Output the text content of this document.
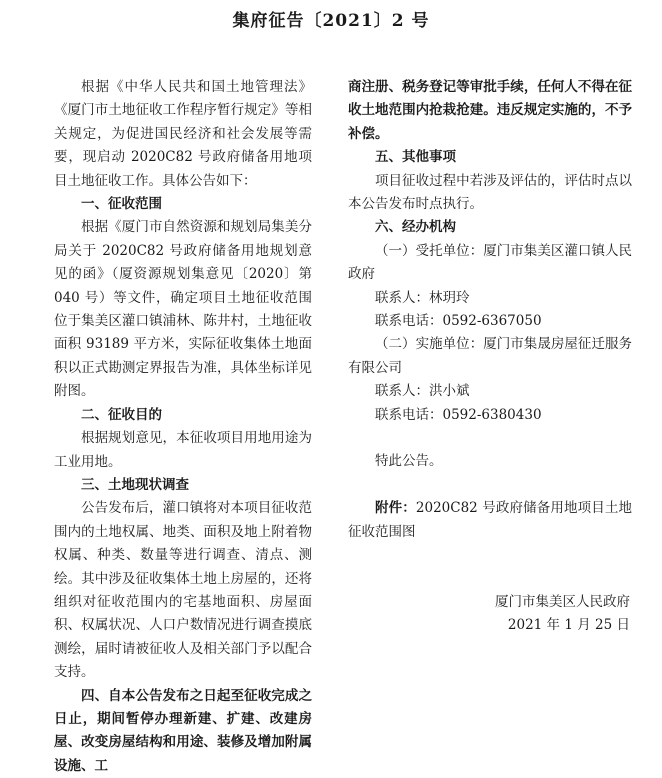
集府征告〔2021〕2 号

根据《中华人民共和国土地管理法》《厦门市土地征收工作程序暂行规定》等相关规定，为促进国民经济和社会发展等需要，现启动 2020C82 号政府储备用地项目土地征收工作。具体公告如下：

一、征收范围

根据《厦门市自然资源和规划局集美分局关于 2020C82 号政府储备用地规划意见的函》（厦资源规划集意见〔2020〕第 040 号）等文件，确定项目土地征收范围位于集美区灌口镇浦林、陈井村，土地征收面积 93189 平方米，实际征收集体土地面积以正式勘测定界报告为准，具体坐标详见附图。

二、征收目的

根据规划意见，本征收项目用地用途为工业用地。

三、土地现状调查

公告发布后，灌口镇将对本项目征收范围内的土地权属、地类、面积及地上附着物权属、种类、数量等进行调查、清点、测绘。其中涉及征收集体土地上房屋的，还将组织对征收范围内的宅基地面积、房屋面积、权属状况、人口户数情况进行调查摸底测绘，届时请被征收人及相关部门予以配合支持。

四、自本公告发布之日起至征收完成之日止，期间暂停办理新建、扩建、改建房屋、改变房屋结构和用途、装修及增加附属设施、工

商注册、税务登记等审批手续，任何人不得在征收土地范围内抢栽抢建。违反规定实施的，不予补偿。

五、其他事项

项目征收过程中若涉及评估的，评估时点以本公告发布时点执行。

六、经办机构

（一）受托单位：厦门市集美区灌口镇人民政府

联系人：林玥玲

联系电话：0592-6367050

（二）实施单位：厦门市集晟房屋征迁服务有限公司

联系人：洪小斌

联系电话：0592-6380430

特此公告。

附件：2020C82 号政府储备用地项目土地征收范围图

厦门市集美区人民政府

2021 年 1 月 25 日
